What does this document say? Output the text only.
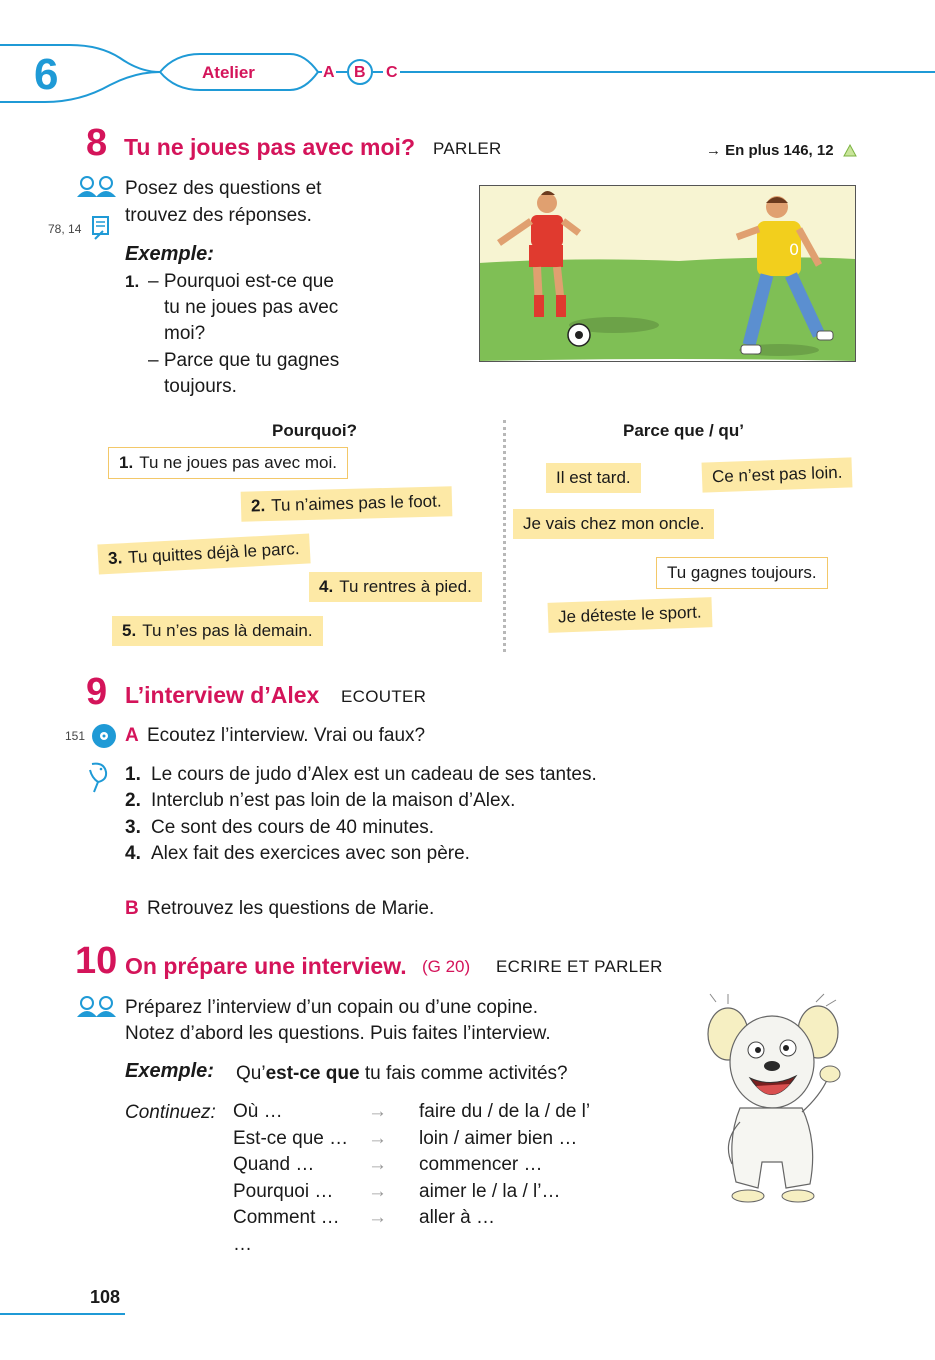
6	Atelier	A B C
8 Tu ne joues pas avec moi? PARLER	→ En plus 146, 12
78, 14
Posez des questions et
trouvez des réponses.
Exemple:
1. – Pourquoi est-ce que
tu ne joues pas avec
moi?
– Parce que tu gagnes
toujours.
0
Pourquoi?	Parce que / qu’
1. Tu ne joues pas avec moi.
2. Tu n’aimes pas le foot.
3. Tu quittes déjà le parc.
4. Tu rentres à pied.
5. Tu n’es pas là demain.
Il est tard.	Ce n’est pas loin.
Je vais chez mon oncle.
Tu gagnes toujours.
Je déteste le sport.
9 L’interview d’Alex ECOUTER
151 A Ecoutez l’interview. Vrai ou faux?
1. Le cours de judo d’Alex est un cadeau de ses tantes.
2. Interclub n’est pas loin de la maison d’Alex.
3. Ce sont des cours de 40 minutes.
4. Alex fait des exercices avec son père.
B Retrouvez les questions de Marie.
10 On prépare une interview. (G 20) ECRIRE ET PARLER
Préparez l’interview d’un copain ou d’une copine.
Notez d’abord les questions. Puis faites l’interview.
Exemple: Qu’est-ce que tu fais comme activités?
Continuez: Où …	→ faire du / de la / de l’
Est-ce que … → loin / aimer bien …
Quand …	→ commencer …
Pourquoi … → aimer le / la / l’…
Comment … → aller à …
…
108
